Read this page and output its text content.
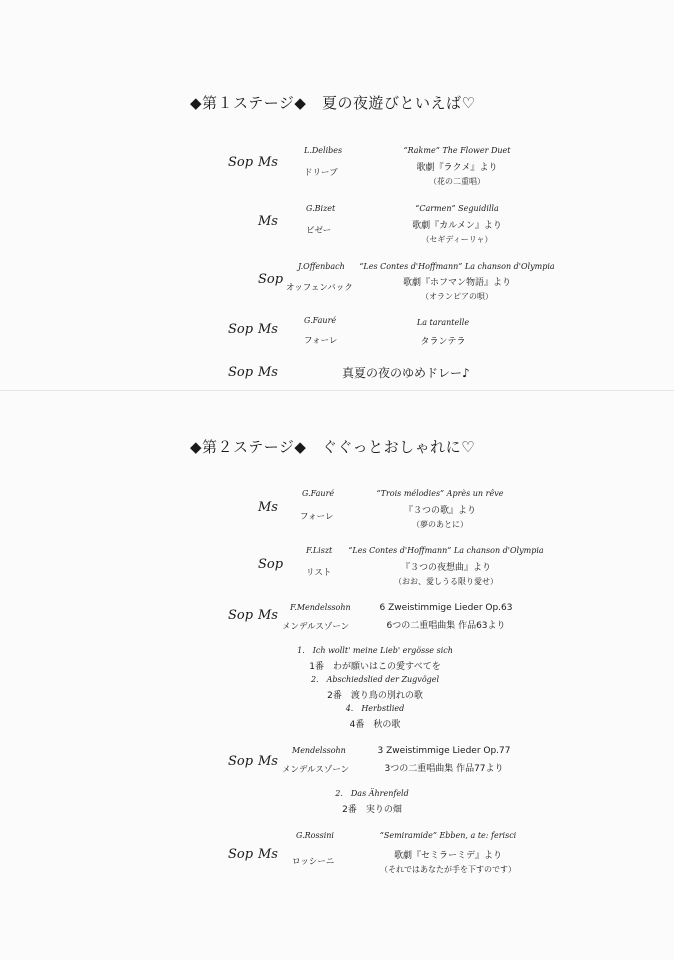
◆第１ステージ◆　夏の夜遊びといえば♡
Sop Ms
L.Delibes
ドリーブ
“Rakme” The Flower Duet
歌劇『ラクメ』より
（花の二重唱）
Ms
G.Bizet
ビゼー
“Carmen” Seguidilla
歌劇『カルメン』より
（セギディーリャ）
Sop
J.Offenbach
オッフェンバック
“Les Contes d'Hoffmann” La chanson d'Olympia
歌劇『ホフマン物語』より
（オランピアの唄）
Sop Ms
G.Fauré
フォーレ
La tarantelle
タランテラ
Sop Ms	真夏の夜のゆめドレー♪
◆第２ステージ◆　ぐぐっとおしゃれに♡
Ms
G.Fauré
フォーレ
“Trois mélodies” Après un rêve
『３つの歌』より
（夢のあとに）
Sop
F.Liszt
リスト
“Les Contes d'Hoffmann” La chanson d'Olympia
『３つの夜想曲』より
（おお、愛しうる限り愛せ）
Sop Ms
F.Mendelssohn
メンデルスゾーン
6 Zweistimmige Lieder Op.63
6つの二重唱曲集 作品63より
1.　Ich wollt' meine Lieb' ergösse sich
1番　わが願いはこの愛すべてを
2.　Abschiedslied der Zugvögel
2番　渡り鳥の別れの歌
4.　Herbstlied
4番　秋の歌
Sop Ms
Mendelssohn
メンデルスゾーン
3 Zweistimmige Lieder Op.77
3つの二重唱曲集 作品77より
2.　Das Ährenfeld
2番　実りの畑
Sop Ms
G.Rossini
ロッシーニ
“Semiramide” Ebben, a te: ferisci
歌劇『セミラーミデ』より
（それではあなたが手を下すのです）
